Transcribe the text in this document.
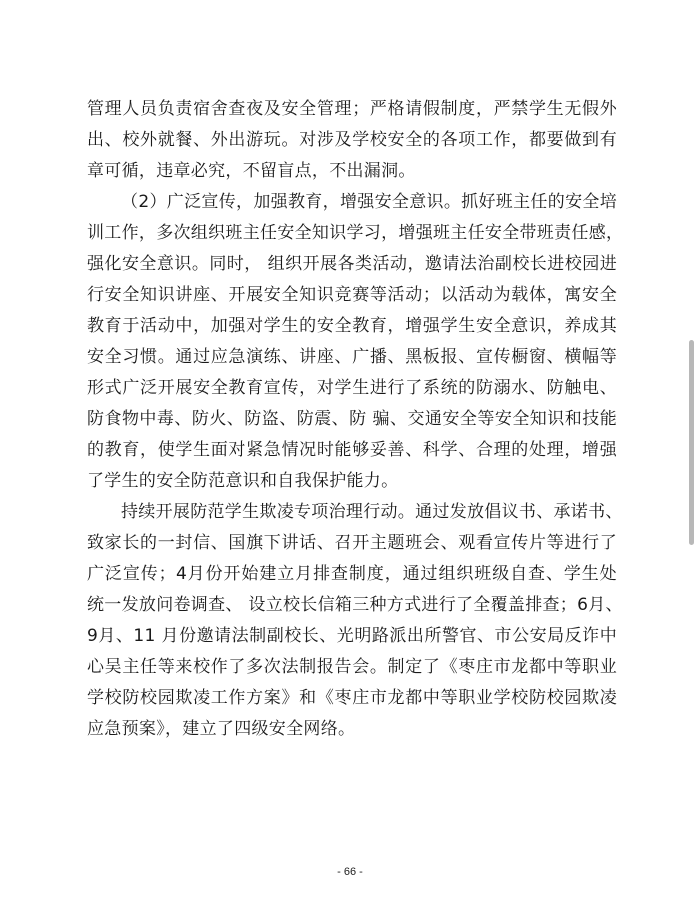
管理人员负责宿舍查夜及安全管理；严格请假制度，严禁学生无假外
出、校外就餐、外出游玩。对涉及学校安全的各项工作，都要做到有
章可循，违章必究，不留盲点，不出漏洞。
（2）广泛宣传，加强教育，增强安全意识。抓好班主任的安全培
训工作，多次组织班主任安全知识学习，增强班主任安全带班责任感，
强化安全意识。同时， 组织开展各类活动，邀请法治副校长进校园进
行安全知识讲座、开展安全知识竞赛等活动；以活动为载体，寓安全
教育于活动中，加强对学生的安全教育，增强学生安全意识，养成其
安全习惯。通过应急演练、讲座、广播、黑板报、宣传橱窗、横幅等
形式广泛开展安全教育宣传，对学生进行了系统的防溺水、防触电、
防食物中毒、防火、防盗、防震、防 骗、交通安全等安全知识和技能
的教育，使学生面对紧急情况时能够妥善、科学、合理的处理，增强
了学生的安全防范意识和自我保护能力。
持续开展防范学生欺凌专项治理行动。通过发放倡议书、承诺书、
致家长的一封信、国旗下讲话、召开主题班会、观看宣传片等进行了
广泛宣传；4月份开始建立月排查制度，通过组织班级自查、学生处
统一发放问卷调查、 设立校长信箱三种方式进行了全覆盖排查；6月、
9月、11 月份邀请法制副校长、光明路派出所警官、市公安局反诈中
心吴主任等来校作了多次法制报告会。制定了《枣庄市龙都中等职业
学校防校园欺凌工作方案》和《枣庄市龙都中等职业学校防校园欺凌
应急预案》，建立了四级安全网络。
- 66 -
